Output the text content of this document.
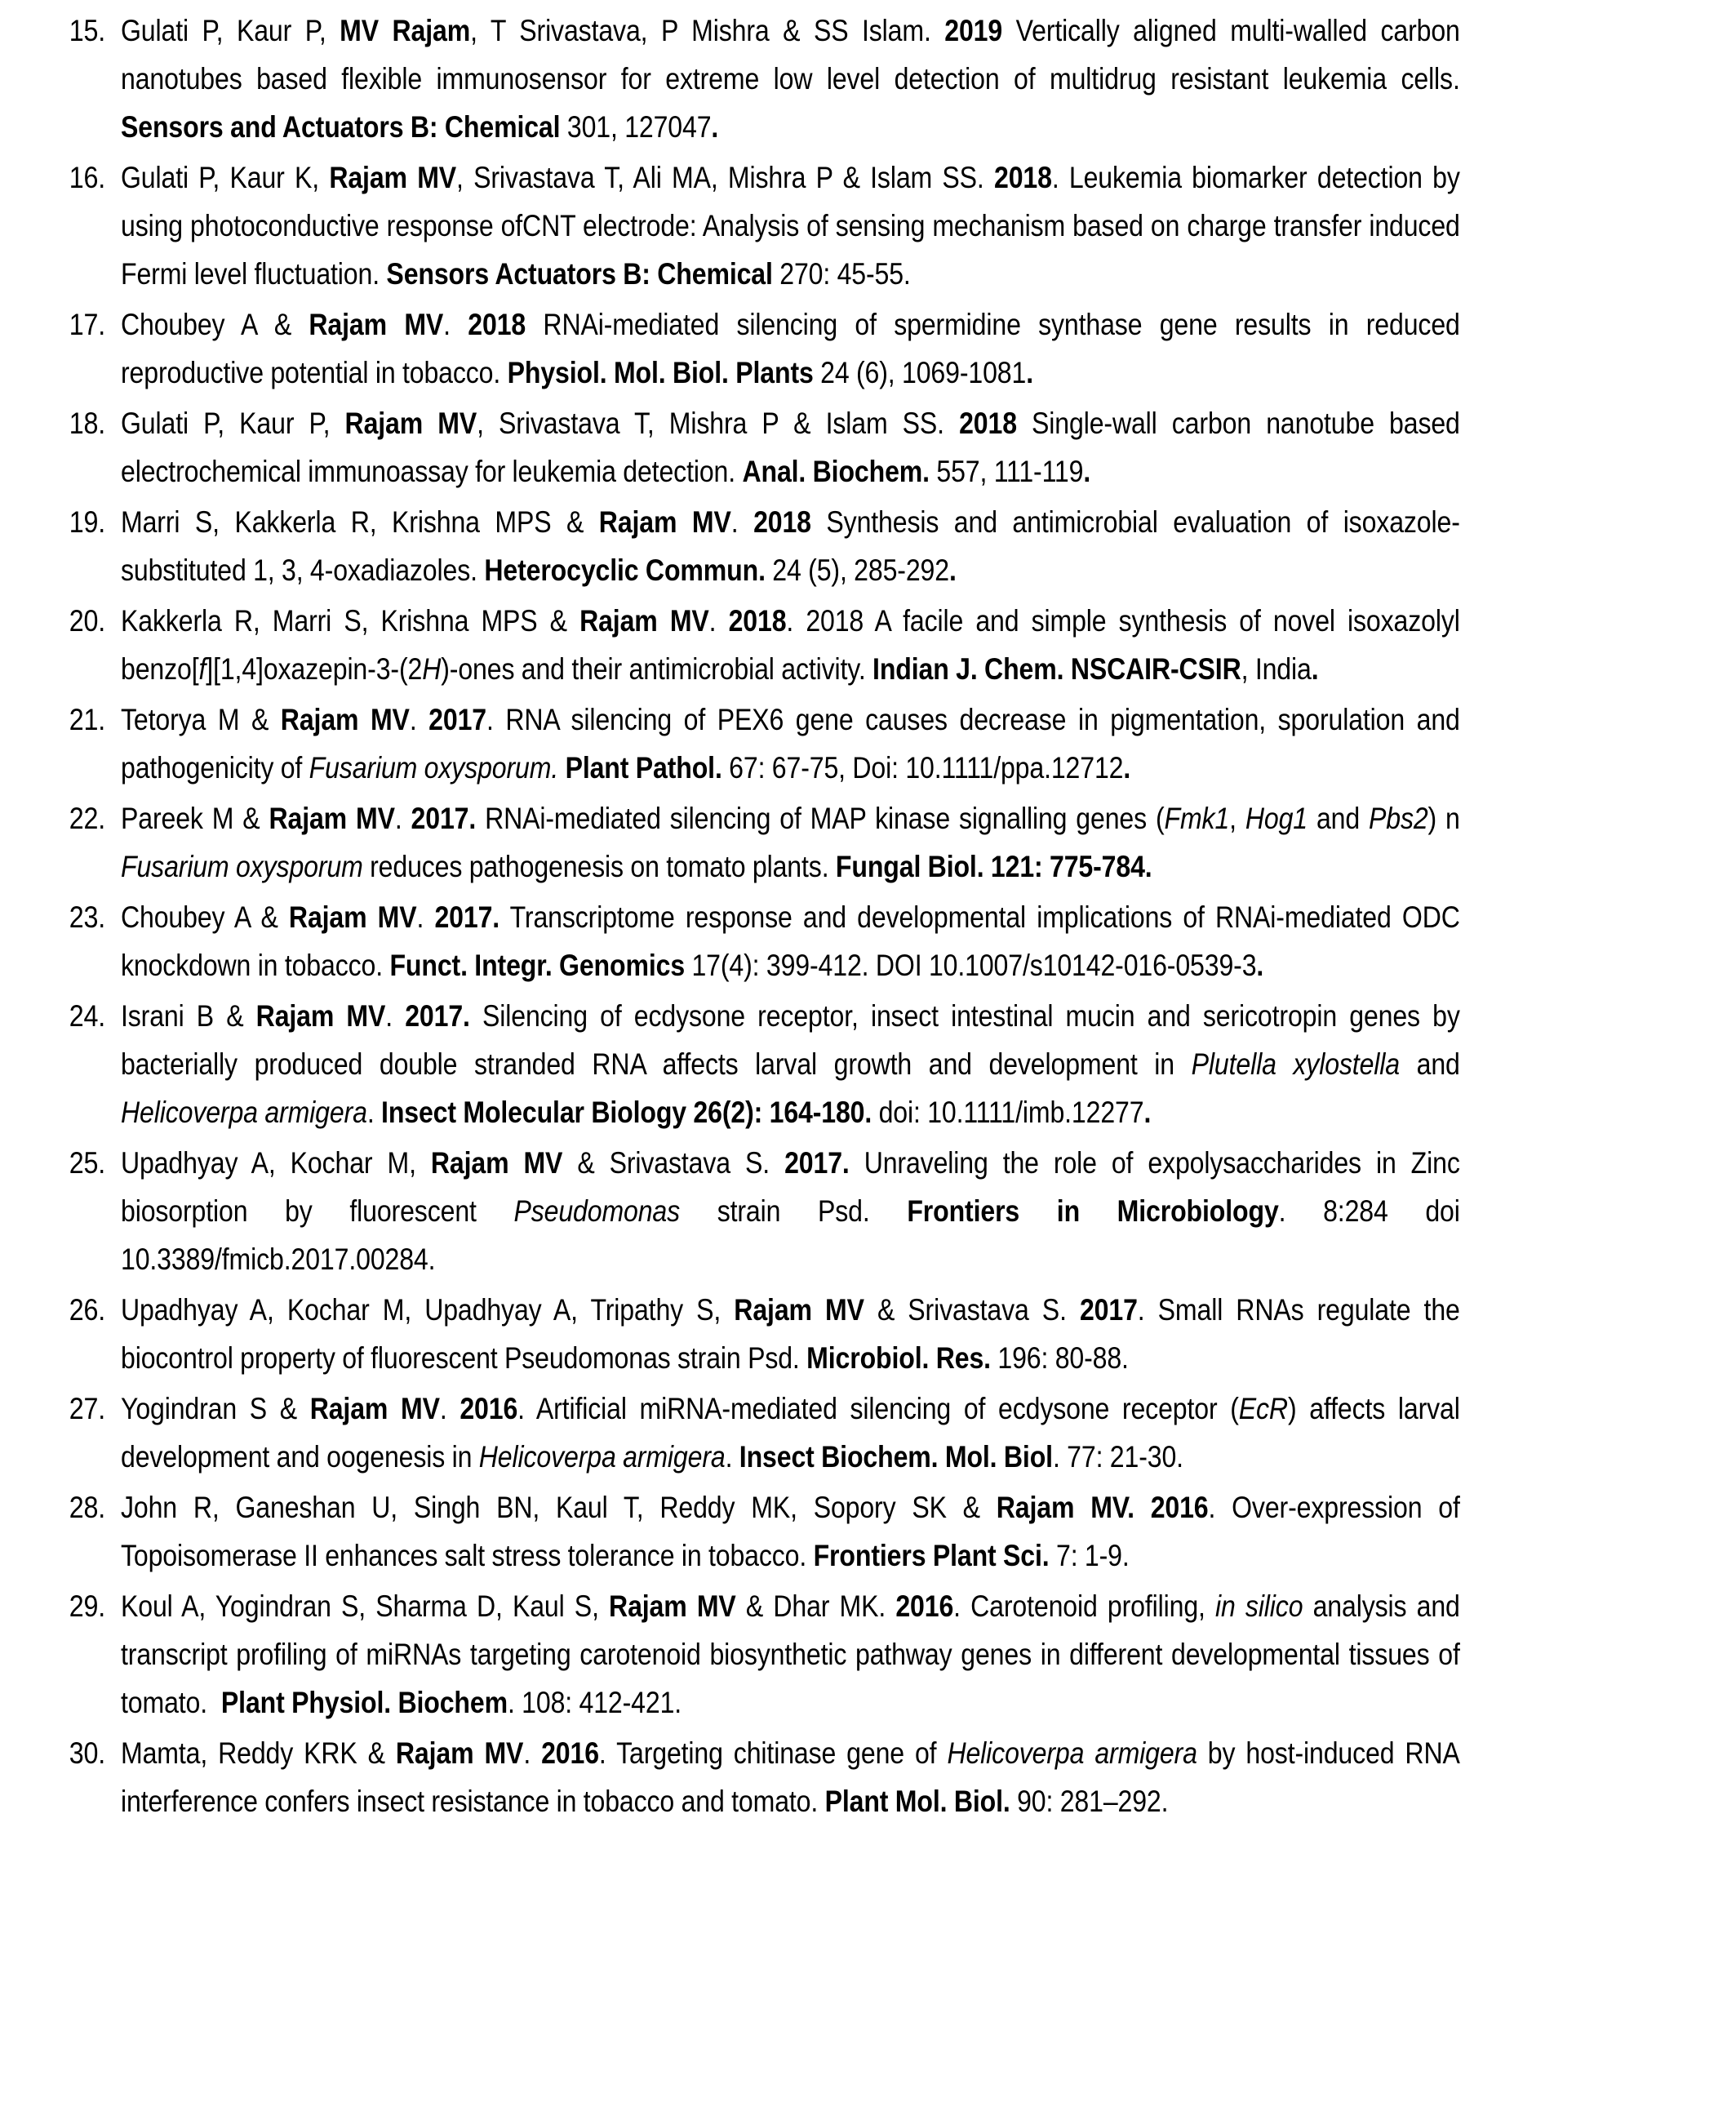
15. Gulati P, Kaur P, MV Rajam, T Srivastava, P Mishra & SS Islam. 2019 Vertically aligned multi-walled carbon nanotubes based flexible immunosensor for extreme low level detection of multidrug resistant leukemia cells. Sensors and Actuators B: Chemical 301, 127047.
16. Gulati P, Kaur K, Rajam MV, Srivastava T, Ali MA, Mishra P & Islam SS. 2018. Leukemia biomarker detection by using photoconductive response ofCNT electrode: Analysis of sensing mechanism based on charge transfer induced Fermi level fluctuation. Sensors Actuators B: Chemical 270: 45-55.
17. Choubey A & Rajam MV. 2018 RNAi-mediated silencing of spermidine synthase gene results in reduced reproductive potential in tobacco. Physiol. Mol. Biol. Plants 24 (6), 1069-1081.
18. Gulati P, Kaur P, Rajam MV, Srivastava T, Mishra P & Islam SS. 2018 Single-wall carbon nanotube based electrochemical immunoassay for leukemia detection. Anal. Biochem. 557, 111-119.
19. Marri S, Kakkerla R, Krishna MPS & Rajam MV. 2018 Synthesis and antimicrobial evaluation of isoxazole-substituted 1, 3, 4-oxadiazoles. Heterocyclic Commun. 24 (5), 285-292.
20. Kakkerla R, Marri S, Krishna MPS & Rajam MV. 2018. 2018 A facile and simple synthesis of novel isoxazolyl benzo[f][1,4]oxazepin-3-(2H)-ones and their antimicrobial activity. Indian J. Chem. NSCAIR-CSIR, India.
21. Tetorya M & Rajam MV. 2017. RNA silencing of PEX6 gene causes decrease in pigmentation, sporulation and pathogenicity of Fusarium oxysporum. Plant Pathol. 67: 67-75, Doi: 10.1111/ppa.12712.
22. Pareek M & Rajam MV. 2017. RNAi-mediated silencing of MAP kinase signalling genes (Fmk1, Hog1 and Pbs2) n Fusarium oxysporum reduces pathogenesis on tomato plants. Fungal Biol. 121: 775-784.
23. Choubey A & Rajam MV. 2017. Transcriptome response and developmental implications of RNAi-mediated ODC knockdown in tobacco. Funct. Integr. Genomics 17(4): 399-412. DOI 10.1007/s10142-016-0539-3.
24. Israni B & Rajam MV. 2017. Silencing of ecdysone receptor, insect intestinal mucin and sericotropin genes by bacterially produced double stranded RNA affects larval growth and development in Plutella xylostella and Helicoverpa armigera. Insect Molecular Biology 26(2): 164-180. doi: 10.1111/imb.12277.
25. Upadhyay A, Kochar M, Rajam MV & Srivastava S. 2017. Unraveling the role of expolysaccharides in Zinc biosorption by fluorescent Pseudomonas strain Psd. Frontiers in Microbiology. 8:284 doi 10.3389/fmicb.2017.00284.
26. Upadhyay A, Kochar M, Upadhyay A, Tripathy S, Rajam MV & Srivastava S. 2017. Small RNAs regulate the biocontrol property of fluorescent Pseudomonas strain Psd. Microbiol. Res. 196: 80-88.
27. Yogindran S & Rajam MV. 2016. Artificial miRNA-mediated silencing of ecdysone receptor (EcR) affects larval development and oogenesis in Helicoverpa armigera. Insect Biochem. Mol. Biol. 77: 21-30.
28. John R, Ganeshan U, Singh BN, Kaul T, Reddy MK, Sopory SK & Rajam MV. 2016. Over-expression of Topoisomerase II enhances salt stress tolerance in tobacco. Frontiers Plant Sci. 7: 1-9.
29. Koul A, Yogindran S, Sharma D, Kaul S, Rajam MV & Dhar MK. 2016. Carotenoid profiling, in silico analysis and transcript profiling of miRNAs targeting carotenoid biosynthetic pathway genes in different developmental tissues of tomato.  Plant Physiol. Biochem. 108: 412-421.
30. Mamta, Reddy KRK & Rajam MV. 2016. Targeting chitinase gene of Helicoverpa armigera by host-induced RNA interference confers insect resistance in tobacco and tomato. Plant Mol. Biol. 90: 281–292.
